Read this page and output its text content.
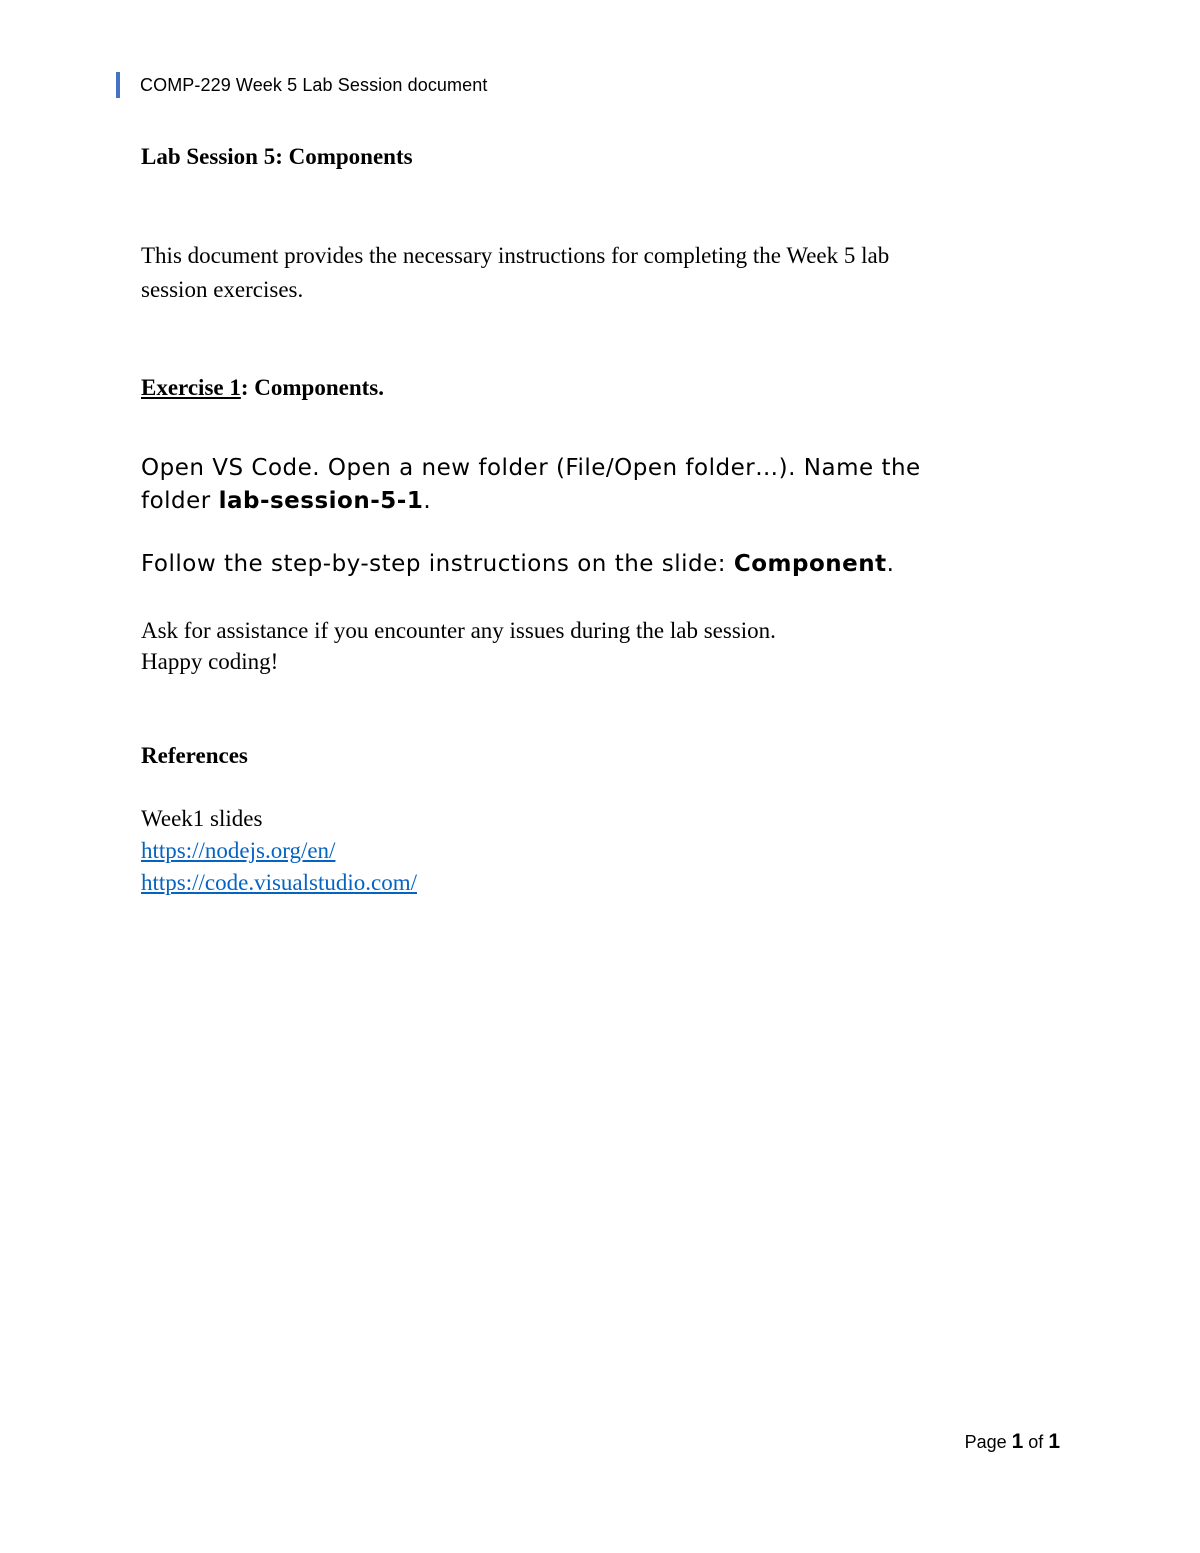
COMP-229 Week 5 Lab Session document
Lab Session 5: Components
This document provides the necessary instructions for completing the Week 5 lab
session exercises.
Exercise 1: Components.
Open VS Code. Open a new folder (File/Open folder…). Name the
folder lab-session-5-1.
Follow the step-by-step instructions on the slide: Component.
Ask for assistance if you encounter any issues during the lab session.
Happy coding!
References
Week1 slides
https://nodejs.org/en/
https://code.visualstudio.com/
Page 1 of 1
